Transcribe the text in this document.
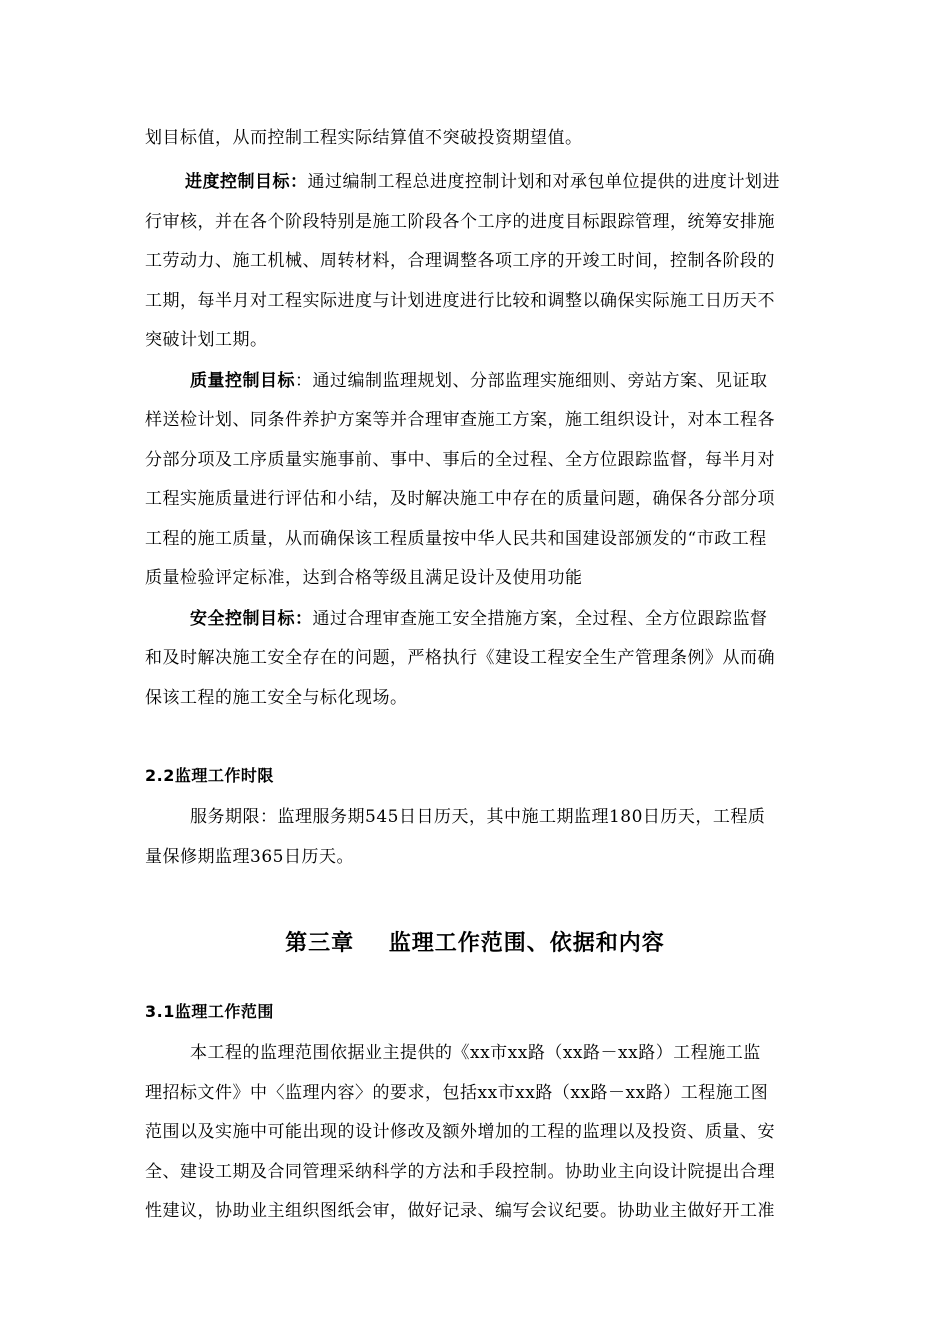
划目标值，从而控制工程实际结算值不突破投资期望值。
进度控制目标：通过编制工程总进度控制计划和对承包单位提供的进度计划进
行审核，并在各个阶段特别是施工阶段各个工序的进度目标跟踪管理，统筹安排施
工劳动力、施工机械、周转材料，合理调整各项工序的开竣工时间，控制各阶段的
工期，每半月对工程实际进度与计划进度进行比较和调整以确保实际施工日历天不
突破计划工期。
质量控制目标：通过编制监理规划、分部监理实施细则、旁站方案、见证取
样送检计划、同条件养护方案等并合理审查施工方案，施工组织设计，对本工程各
分部分项及工序质量实施事前、事中、事后的全过程、全方位跟踪监督，每半月对
工程实施质量进行评估和小结，及时解决施工中存在的质量问题，确保各分部分项
工程的施工质量，从而确保该工程质量按中华人民共和国建设部颁发的“市政工程
质量检验评定标准，达到合格等级且满足设计及使用功能
安全控制目标：通过合理审查施工安全措施方案，全过程、全方位跟踪监督
和及时解决施工安全存在的问题，严格执行《建设工程安全生产管理条例》从而确
保该工程的施工安全与标化现场。
2.2监理工作时限
服务期限：监理服务期545日日历天，其中施工期监理180日历天，工程质
量保修期监理365日历天。
第三章    监理工作范围、依据和内容
3.1监理工作范围
本工程的监理范围依据业主提供的《xx市xx路（xx路－xx路）工程施工监
理招标文件》中〈监理内容〉的要求，包括xx市xx路（xx路－xx路）工程施工图
范围以及实施中可能出现的设计修改及额外增加的工程的监理以及投资、质量、安
全、建设工期及合同管理采纳科学的方法和手段控制。协助业主向设计院提出合理
性建议，协助业主组织图纸会审，做好记录、编写会议纪要。协助业主做好开工准
